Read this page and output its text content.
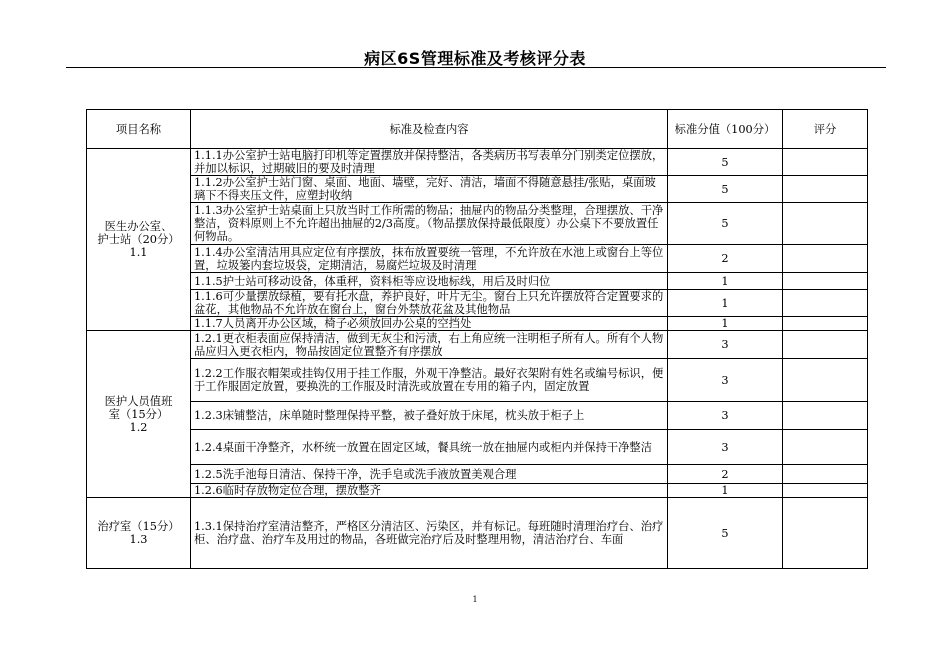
病区6S管理标准及考核评分表
项目名称	标准及检查内容	标准分值（100分）	评分

医生办公室、
护士站（20分）
1.1	1.1.1办公室护士站电脑打印机等定置摆放并保持整洁，各类病历书写表单分门别类定位摆放，并加以标识，过期破旧的要及时清理	5	
	1.1.2办公室护士站门窗、桌面、地面、墙壁，完好、清洁，墙面不得随意悬挂/张贴，桌面玻璃下不得夹压文件，应塑封收纳	5	
	1.1.3办公室护士站桌面上只放当时工作所需的物品；抽屉内的物品分类整理，合理摆放、干净整洁，资料原则上不允许超出抽屉的2/3高度。（物品摆放保持最低限度）办公桌下不要放置任何物品。	5	
	1.1.4办公室清洁用具应定位有序摆放，抹布放置要统一管理，不允许放在水池上或窗台上等位置，垃圾篓内套垃圾袋，定期清洁，易腐烂垃圾及时清理	2	
	1.1.5护士站可移动设备，体重秤，资料柜等应设地标线，用后及时归位	1	
	1.1.6可少量摆放绿植，要有托水盘，养护良好，叶片无尘。窗台上只允许摆放符合定置要求的盆花，其他物品不允许放在窗台上，窗台外禁放花盆及其他物品	1	
	1.1.7人员离开办公区域，椅子必须放回办公桌的空挡处	1	

医护人员值班
室（15分）
1.2	1.2.1更衣柜表面应保持清洁，做到无灰尘和污渍，右上角应统一注明柜子所有人。所有个人物品应归入更衣柜内，物品按固定位置整齐有序摆放	3	
	1.2.2工作服衣帽架或挂钩仅用于挂工作服，外观干净整洁。最好衣架附有姓名或编号标识，便于工作服固定放置，要换洗的工作服及时清洗或放置在专用的箱子内，固定放置	3	
	1.2.3床铺整洁，床单随时整理保持平整，被子叠好放于床尾，枕头放于柜子上	3	
	1.2.4桌面干净整齐，水杯统一放置在固定区域，餐具统一放在抽屉内或柜内并保持干净整洁	3	
	1.2.5洗手池每日清洁、保持干净，洗手皂或洗手液放置美观合理	2	
	1.2.6临时存放物定位合理，摆放整齐	1	

治疗室（15分）
1.3	1.3.1保持治疗室清洁整齐，严格区分清洁区、污染区，并有标记。每班随时清理治疗台、治疗柜、治疗盘、治疗车及用过的物品，各班做完治疗后及时整理用物，清洁治疗台、车面	5	
1
